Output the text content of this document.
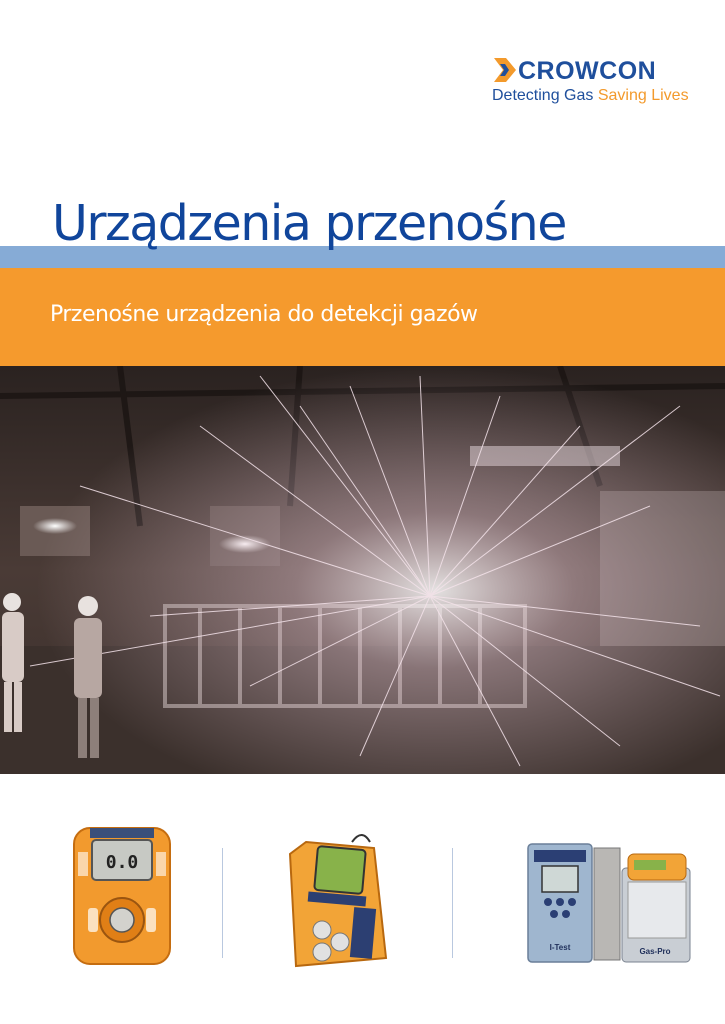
CROWCON
Detecting Gas Saving Lives
Urządzenia przenośne
Przenośne urządzenia do detekcji gazów

0.0
I-Test	Gas-Pro
